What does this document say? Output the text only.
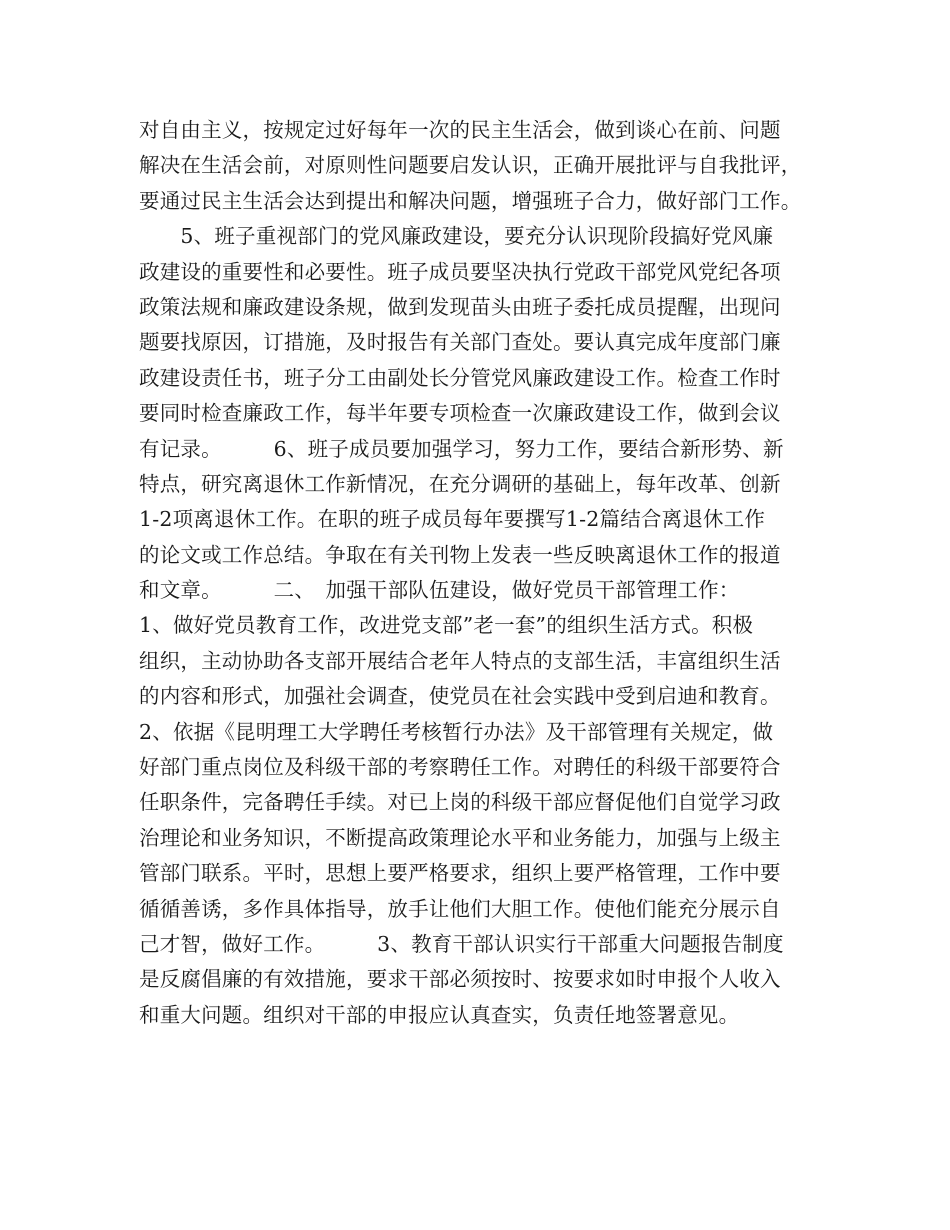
对自由主义，按规定过好每年一次的民主生活会，做到谈心在前、问题
解决在生活会前，对原则性问题要启发认识，正确开展批评与自我批评，
要通过民主生活会达到提出和解决问题，增强班子合力，做好部门工作。
　　5、班子重视部门的党风廉政建设，要充分认识现阶段搞好党风廉
政建设的重要性和必要性。班子成员要坚决执行党政干部党风党纪各项
政策法规和廉政建设条规，做到发现苗头由班子委托成员提醒，出现问
题要找原因，订措施，及时报告有关部门查处。要认真完成年度部门廉
政建设责任书，班子分工由副处长分管党风廉政建设工作。检查工作时
要同时检查廉政工作，每半年要专项检查一次廉政建设工作，做到会议
有记录。　　　6、班子成员要加强学习，努力工作，要结合新形势、新
特点，研究离退休工作新情况，在充分调研的基础上，每年改革、创新
1-2项离退休工作。在职的班子成员每年要撰写1-2篇结合离退休工作
的论文或工作总结。争取在有关刊物上发表一些反映离退休工作的报道
和文章。　　　二、　加强干部队伍建设，做好党员干部管理工作：
1、做好党员教育工作，改进党支部”老一套”的组织生活方式。积极
组织，主动协助各支部开展结合老年人特点的支部生活，丰富组织生活
的内容和形式，加强社会调查，使党员在社会实践中受到启迪和教育。
2、依据《昆明理工大学聘任考核暂行办法》及干部管理有关规定，做
好部门重点岗位及科级干部的考察聘任工作。对聘任的科级干部要符合
任职条件，完备聘任手续。对已上岗的科级干部应督促他们自觉学习政
治理论和业务知识，不断提高政策理论水平和业务能力，加强与上级主
管部门联系。平时，思想上要严格要求，组织上要严格管理，工作中要
循循善诱，多作具体指导，放手让他们大胆工作。使他们能充分展示自
己才智，做好工作。　　　3、教育干部认识实行干部重大问题报告制度
是反腐倡廉的有效措施，要求干部必须按时、按要求如时申报个人收入
和重大问题。组织对干部的申报应认真查实，负责任地签署意见。
